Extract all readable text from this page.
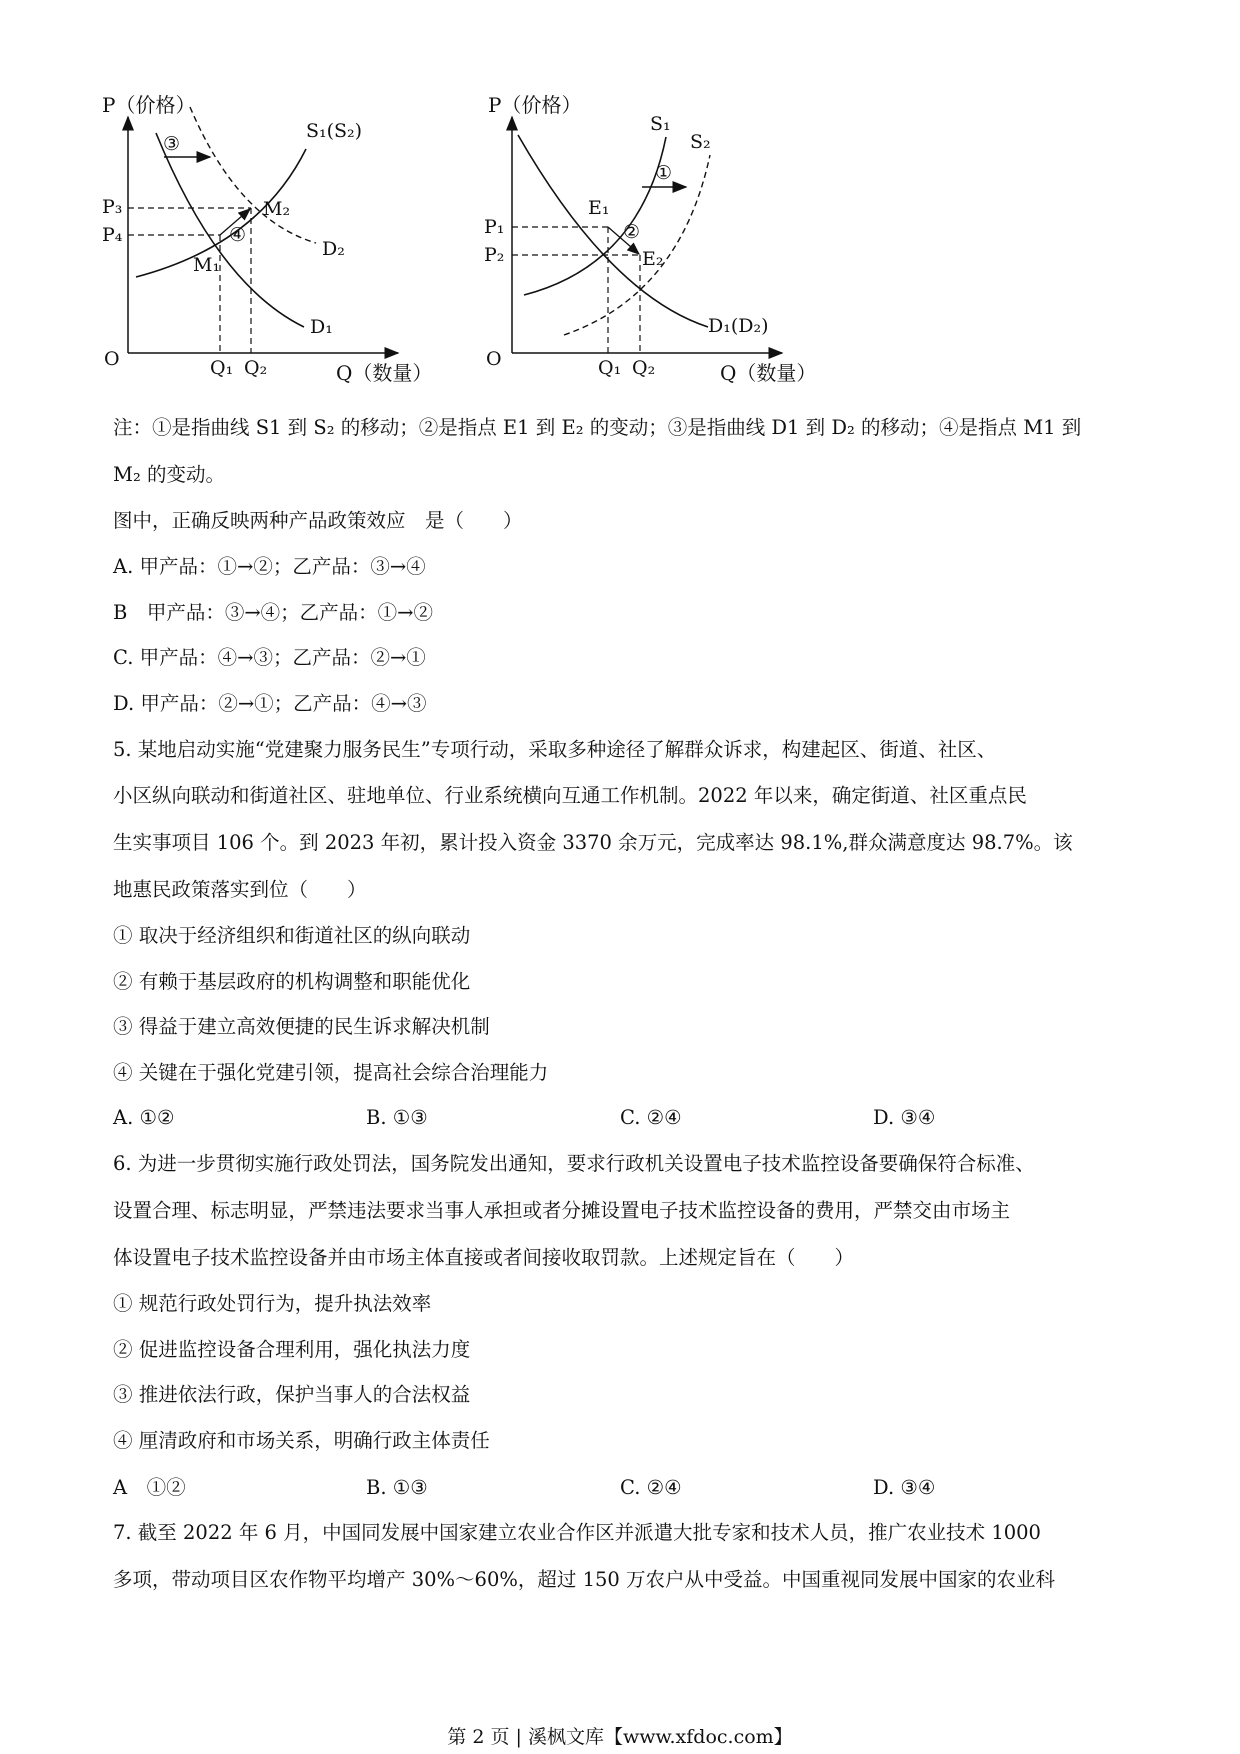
P（价格）
Q（数量）
O
③
④
S₁(S₂)
D₁
D₂
M₁
M₂
P₃
P₄
Q₁ Q₂
P（价格）
Q（数量）
O
①
②
S₁
S₂
D₁(D₂)
E₁
E₂
P₁
P₂
Q₁ Q₂
注：①是指曲线 S1 到 S₂ 的移动；②是指点 E1 到 E₂ 的变动；③是指曲线 D1 到 D₂ 的移动；④是指点 M1 到
M₂ 的变动。
图中，正确反映两种产品政策效应　是（　　）
A. 甲产品：①→②；乙产品：③→④
B　甲产品：③→④；乙产品：①→②
C. 甲产品：④→③；乙产品：②→①
D. 甲产品：②→①；乙产品：④→③
5. 某地启动实施“党建聚力服务民生”专项行动，采取多种途径了解群众诉求，构建起区、街道、社区、
小区纵向联动和街道社区、驻地单位、行业系统横向互通工作机制。2022 年以来，确定街道、社区重点民
生实事项目 106 个。到 2023 年初，累计投入资金 3370 余万元，完成率达 98.1%,群众满意度达 98.7%。该
地惠民政策落实到位（　　）
① 取决于经济组织和街道社区的纵向联动
② 有赖于基层政府的机构调整和职能优化
③ 得益于建立高效便捷的民生诉求解决机制
④ 关键在于强化党建引领，提高社会综合治理能力
A. ①②	B. ①③	C. ②④	D. ③④
6. 为进一步贯彻实施行政处罚法，国务院发出通知，要求行政机关设置电子技术监控设备要确保符合标准、
设置合理、标志明显，严禁违法要求当事人承担或者分摊设置电子技术监控设备的费用，严禁交由市场主
体设置电子技术监控设备并由市场主体直接或者间接收取罚款。上述规定旨在（　　）
① 规范行政处罚行为，提升执法效率
② 促进监控设备合理利用，强化执法力度
③ 推进依法行政，保护当事人的合法权益
④ 厘清政府和市场关系，明确行政主体责任
A　①②	B. ①③	C. ②④	D. ③④
7. 截至 2022 年 6 月，中国同发展中国家建立农业合作区并派遣大批专家和技术人员，推广农业技术 1000
多项，带动项目区农作物平均增产 30%～60%，超过 150 万农户从中受益。中国重视同发展中国家的农业科
第 2 页 | 溪枫文库【www.xfdoc.com】
